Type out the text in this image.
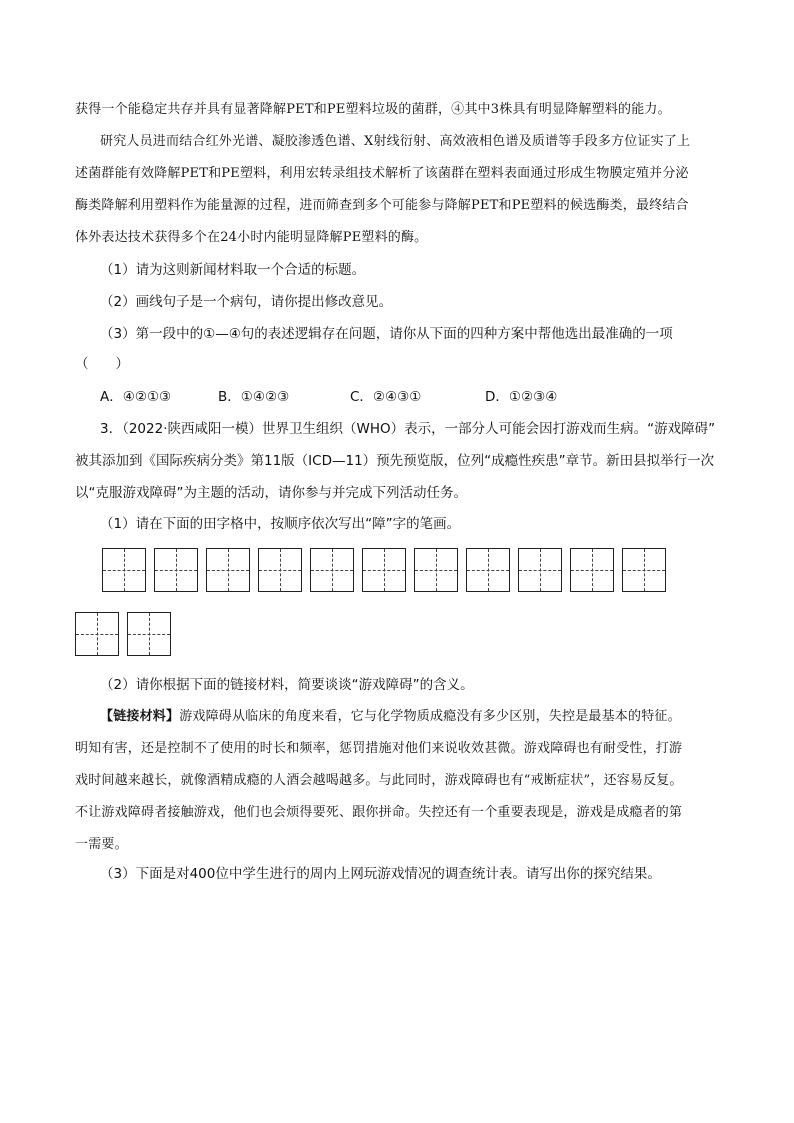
获得一个能稳定共存并具有显著降解PET和PE塑料垃圾的菌群，④其中3株具有明显降解塑料的能力。
研究人员进而结合红外光谱、凝胶渗透色谱、X射线衍射、高效液相色谱及质谱等手段多方位证实了上
述菌群能有效降解PET和PE塑料，利用宏转录组技术解析了该菌群在塑料表面通过形成生物膜定殖并分泌
酶类降解利用塑料作为能量源的过程，进而筛查到多个可能参与降解PET和PE塑料的候选酶类，最终结合
体外表达技术获得多个在24小时内能明显降解PE塑料的酶。
（1）请为这则新闻材料取一个合适的标题。
（2）画线句子是一个病句，请你提出修改意见。
（3）第一段中的①—④句的表述逻辑存在问题，请你从下面的四种方案中帮他选出最准确的一项
（　　）
A．④②①③	B．①④②③	C．②④③①	D．①②③④
3．（2022·陕西咸阳一模）世界卫生组织（WHO）表示，一部分人可能会因打游戏而生病。“游戏障碍”
被其添加到《国际疾病分类》第11版（ICD—11）预先预览版，位列“成瘾性疾患”章节。新田县拟举行一次
以“克服游戏障碍”为主题的活动，请你参与并完成下列活动任务。
（1）请在下面的田字格中，按顺序依次写出“障”字的笔画。
（2）请你根据下面的链接材料，简要谈谈“游戏障碍”的含义。
【链接材料】游戏障碍从临床的角度来看，它与化学物质成瘾没有多少区别，失控是最基本的特征。
明知有害，还是控制不了使用的时长和频率，惩罚措施对他们来说收效甚微。游戏障碍也有耐受性，打游
戏时间越来越长，就像酒精成瘾的人酒会越喝越多。与此同时，游戏障碍也有“戒断症状”，还容易反复。
不让游戏障碍者接触游戏，他们也会烦得要死、跟你拼命。失控还有一个重要表现是，游戏是成瘾者的第
一需要。
（3）下面是对400位中学生进行的周内上网玩游戏情况的调查统计表。请写出你的探究结果。
